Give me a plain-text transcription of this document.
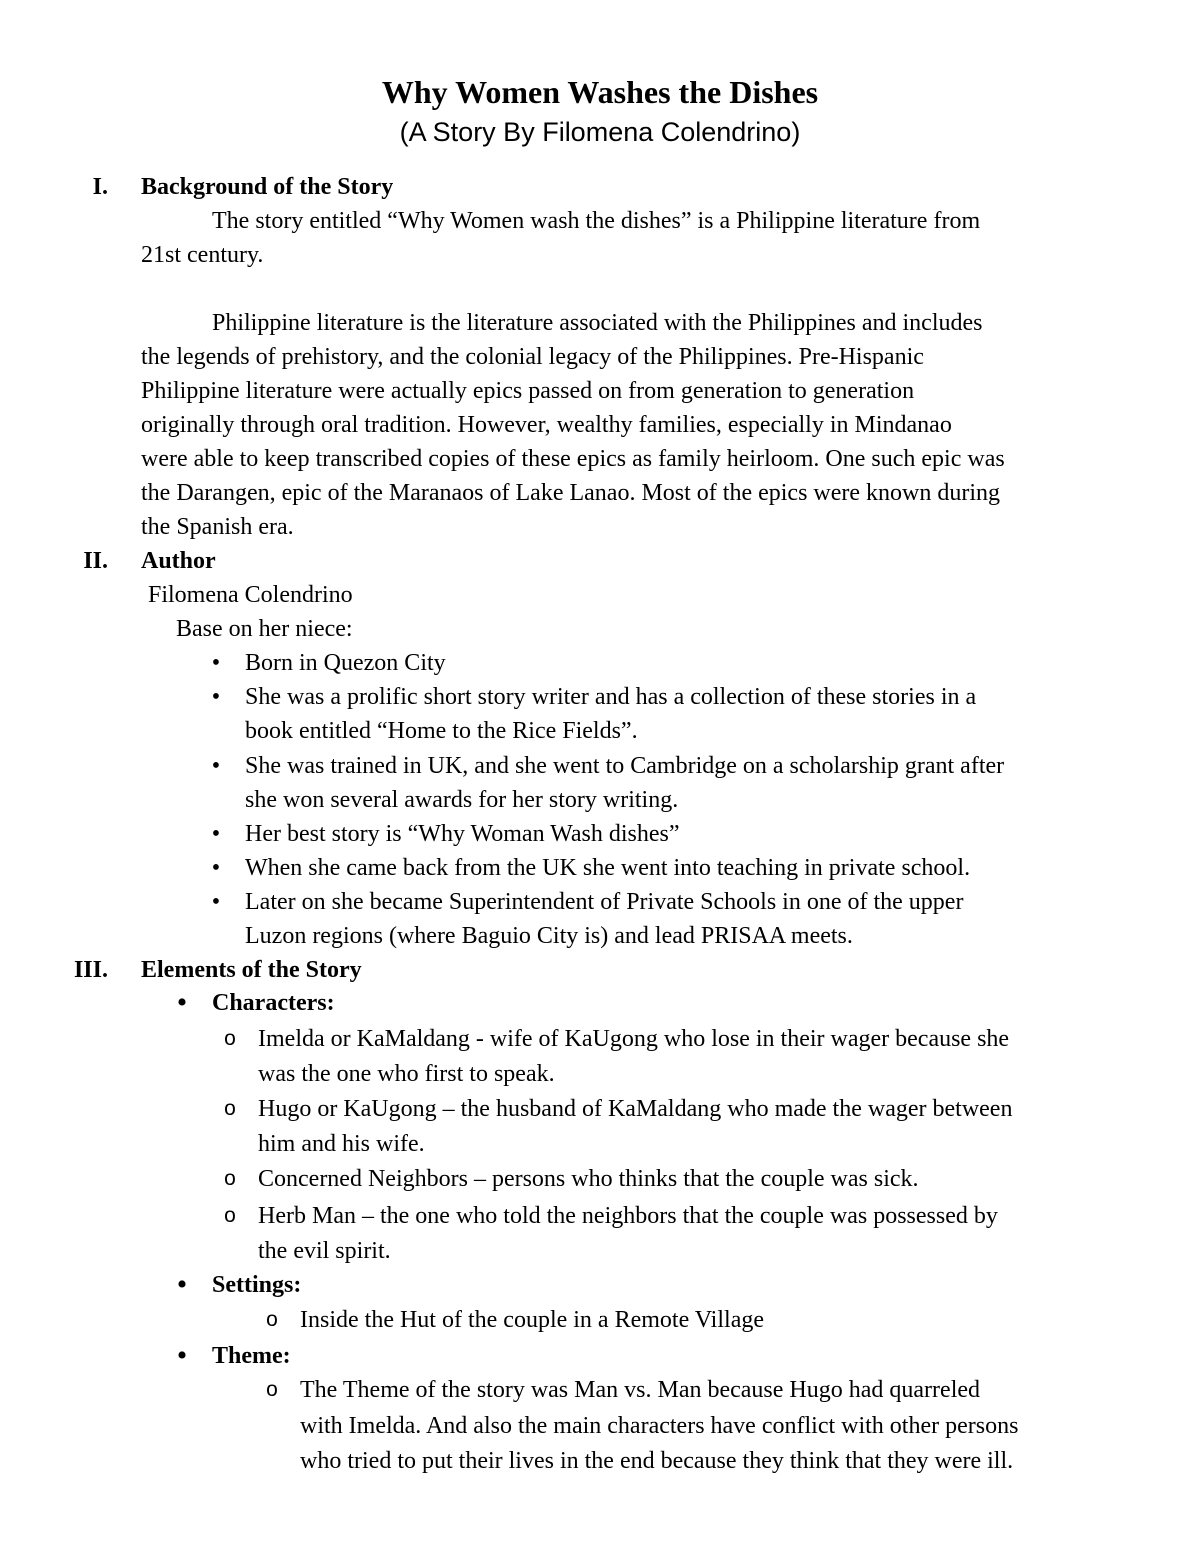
Why Women Washes the Dishes
(A Story By Filomena Colendrino)
I. Background of the Story
The story entitled “Why Women wash the dishes” is a Philippine literature from
21st century.
Philippine literature is the literature associated with the Philippines and includes
the legends of prehistory, and the colonial legacy of the Philippines. Pre-Hispanic
Philippine literature were actually epics passed on from generation to generation
originally through oral tradition. However, wealthy families, especially in Mindanao
were able to keep transcribed copies of these epics as family heirloom. One such epic was
the Darangen, epic of the Maranaos of Lake Lanao. Most of the epics were known during
the Spanish era.
II. Author
Filomena Colendrino
Base on her niece:
• Born in Quezon City
• She was a prolific short story writer and has a collection of these stories in a
book entitled “Home to the Rice Fields”.
• She was trained in UK, and she went to Cambridge on a scholarship grant after
she won several awards for her story writing.
• Her best story is “Why Woman Wash dishes”
• When she came back from the UK she went into teaching in private school.
• Later on she became Superintendent of Private Schools in one of the upper
Luzon regions (where Baguio City is) and lead PRISAA meets.
III. Elements of the Story
• Characters:
o Imelda or KaMaldang - wife of KaUgong who lose in their wager because she
was the one who first to speak.
o Hugo or KaUgong – the husband of KaMaldang who made the wager between
him and his wife.
o Concerned Neighbors – persons who thinks that the couple was sick.
o Herb Man – the one who told the neighbors that the couple was possessed by
the evil spirit.
• Settings:
o Inside the Hut of the couple in a Remote Village
• Theme:
o The Theme of the story was Man vs. Man because Hugo had quarreled
with Imelda. And also the main characters have conflict with other persons
who tried to put their lives in the end because they think that they were ill.
